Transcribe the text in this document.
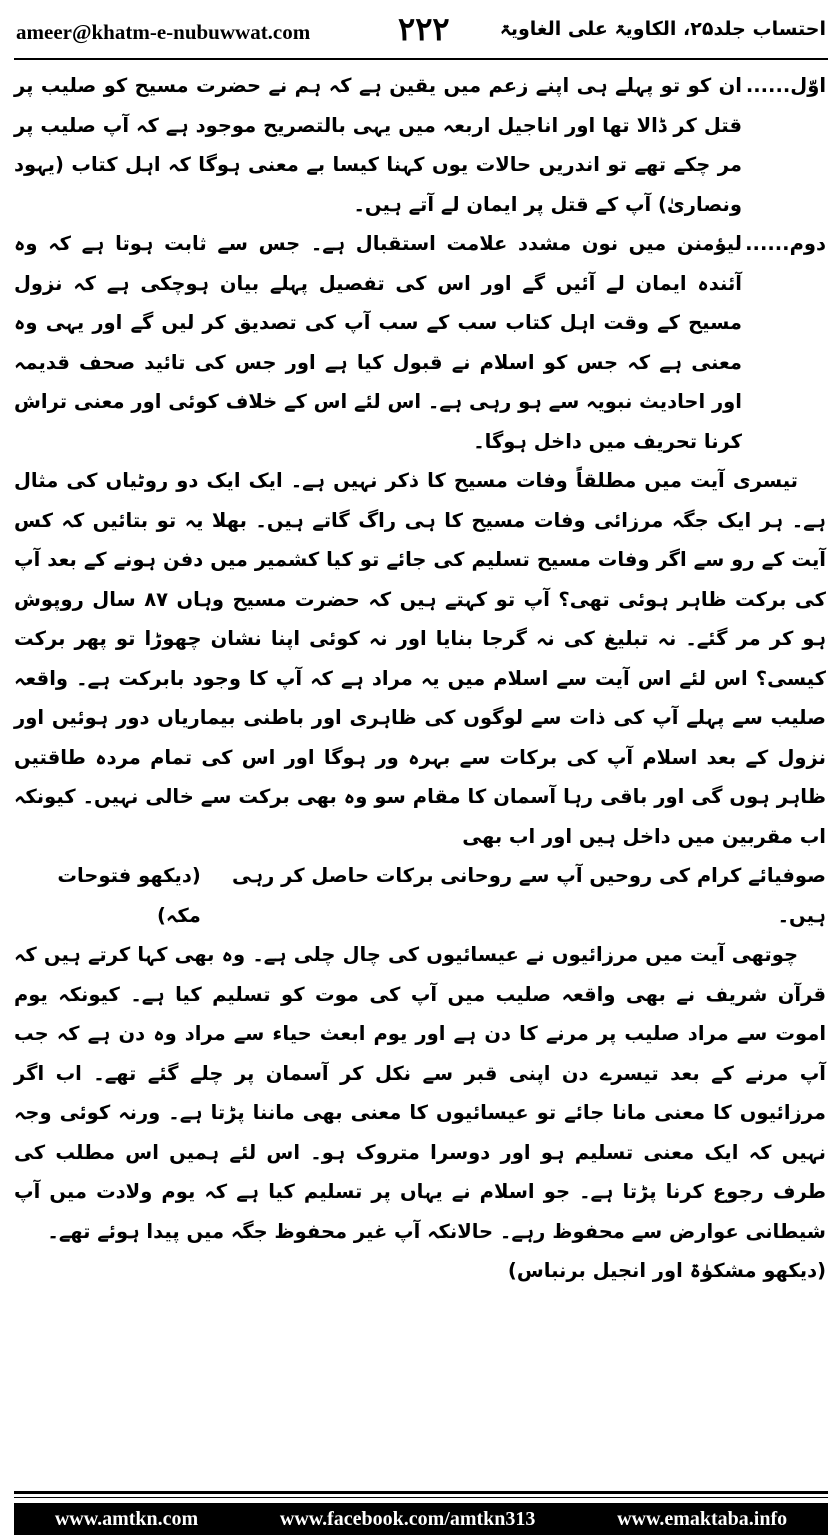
ameer@khatm-e-nubuwwat.com	۲۲۲	احتساب جلد۲۵، الکاویۃ علی الغاویۃ
اوّل......

ان کو تو پہلے ہی اپنے زعم میں یقین ہے کہ ہم نے حضرت مسیح کو صلیب پر قتل کر ڈالا تھا اور اناجیل اربعہ میں یہی بالتصریح موجود ہے کہ آپ صلیب پر مر چکے تھے تو اندریں حالات یوں کہنا کیسا بے معنی ہوگا کہ اہل کتاب (یہود ونصاریٰ) آپ کے قتل پر ایمان لے آتے ہیں۔

دوم......

لیؤمنن میں نون مشدد علامت استقبال ہے۔ جس سے ثابت ہوتا ہے کہ وہ آئندہ ایمان لے آئیں گے اور اس کی تفصیل پہلے بیان ہوچکی ہے کہ نزول مسیح کے وقت اہل کتاب سب کے سب آپ کی تصدیق کر لیں گے اور یہی وہ معنی ہے کہ جس کو اسلام نے قبول کیا ہے اور جس کی تائید صحف قدیمہ اور احادیث نبویہ سے ہو رہی ہے۔ اس لئے اس کے خلاف کوئی اور معنی تراش کرنا تحریف میں داخل ہوگا۔

تیسری آیت میں مطلقاً وفات مسیح کا ذکر نہیں ہے۔ ایک ایک دو روٹیاں کی مثال ہے۔ ہر ایک جگہ مرزائی وفات مسیح کا ہی راگ گاتے ہیں۔ بھلا یہ تو بتائیں کہ کس آیت کے رو سے اگر وفات مسیح تسلیم کی جائے تو کیا کشمیر میں دفن ہونے کے بعد آپ کی برکت ظاہر ہوئی تھی؟ آپ تو کہتے ہیں کہ حضرت مسیح وہاں ۸۷ سال روپوش ہو کر مر گئے۔ نہ تبلیغ کی نہ گرجا بنایا اور نہ کوئی اپنا نشان چھوڑا تو پھر برکت کیسی؟ اس لئے اس آیت سے اسلام میں یہ مراد ہے کہ آپ کا وجود بابرکت ہے۔ واقعہ صلیب سے پہلے آپ کی ذات سے لوگوں کی ظاہری اور باطنی بیماریاں دور ہوئیں اور نزول کے بعد اسلام آپ کی برکات سے بہرہ ور ہوگا اور اس کی تمام مردہ طاقتیں ظاہر ہوں گی اور باقی رہا آسمان کا مقام سو وہ بھی برکت سے خالی نہیں۔ کیونکہ اب مقربین میں داخل ہیں اور اب بھی

صوفیائے کرام کی روحیں آپ سے روحانی برکات حاصل کر رہی ہیں۔
(دیکھو فتوحات مکہ)

چوتھی آیت میں مرزائیوں نے عیسائیوں کی چال چلی ہے۔ وہ بھی کہا کرتے ہیں کہ قرآن شریف نے بھی واقعہ صلیب میں آپ کی موت کو تسلیم کیا ہے۔ کیونکہ یوم اموت سے مراد صلیب پر مرنے کا دن ہے اور یوم ابعث حیاء سے مراد وہ دن ہے کہ جب آپ مرنے کے بعد تیسرے دن اپنی قبر سے نکل کر آسمان پر چلے گئے تھے۔ اب اگر مرزائیوں کا معنی مانا جائے تو عیسائیوں کا معنی بھی ماننا پڑتا ہے۔ ورنہ کوئی وجہ نہیں کہ ایک معنی تسلیم ہو اور دوسرا متروک ہو۔ اس لئے ہمیں اس مطلب کی طرف رجوع کرنا پڑتا ہے۔ جو اسلام نے یہاں پر تسلیم کیا ہے کہ یوم ولادت میں آپ شیطانی عوارض سے محفوظ رہے۔ حالانکہ آپ غیر محفوظ جگہ میں پیدا ہوئے تھے۔

(دیکھو مشکوٰۃ اور انجیل برنباس)

www.amtkn.com	www.facebook.com/amtkn313	www.emaktaba.info
